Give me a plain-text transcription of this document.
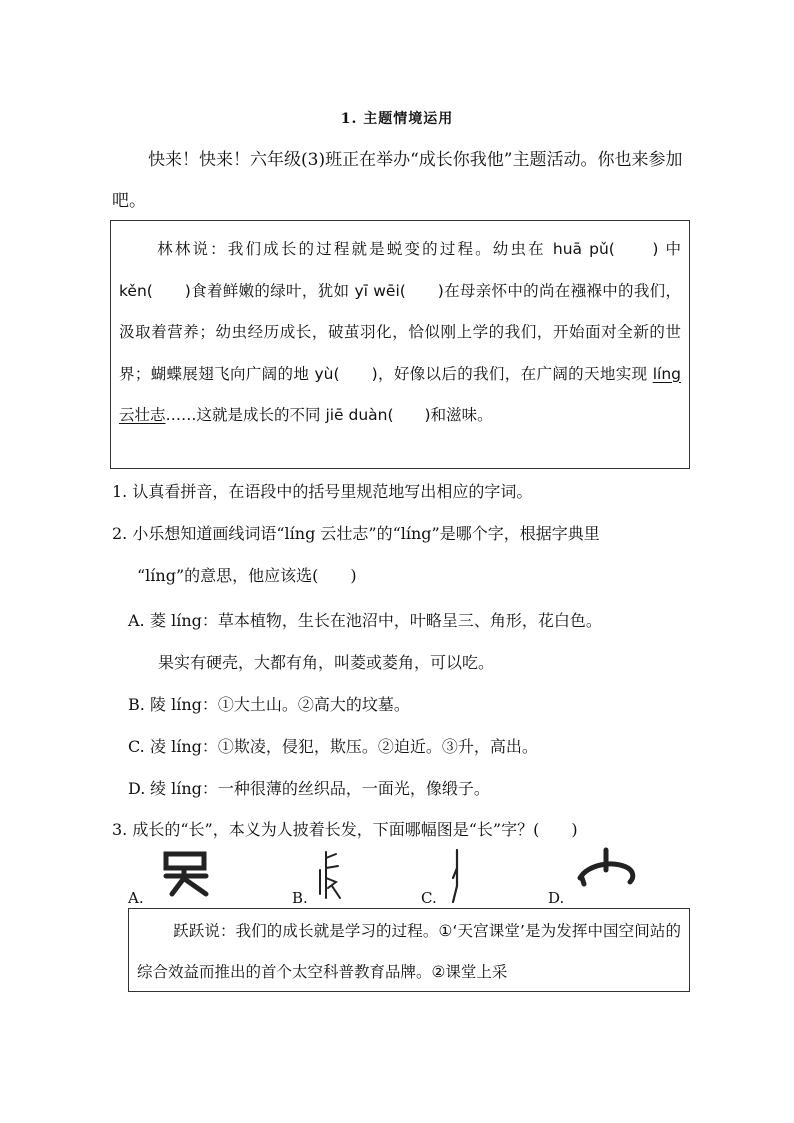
1. 主题情境运用
快来！快来！六年级(3)班正在举办“成长你我他”主题活动。你也来参加吧。
林林说：我们成长的过程就是蜕变的过程。幼虫在 huā pǔ(　　) 中 kěn(　　)食着鲜嫩的绿叶，犹如 yī wēi(　　)在母亲怀中的尚在襁褓中的我们，汲取着营养；幼虫经历成长，破茧羽化，恰似刚上学的我们，开始面对全新的世界；蝴蝶展翅飞向广阔的地 yù(　　)，好像以后的我们，在广阔的天地实现 líng 云壮志……这就是成长的不同 jiē duàn(　　)和滋味。
1. 认真看拼音，在语段中的括号里规范地写出相应的字词。
2. 小乐想知道画线词语“líng 云壮志”的“líng”是哪个字，根据字典里
“líng”的意思，他应该选(　　)
A. 菱 líng：草本植物，生长在池沼中，叶略呈三、角形，花白色。
果实有硬壳，大都有角，叫菱或菱角，可以吃。
B. 陵 líng：①大土山。②高大的坟墓。
C. 凌 líng：①欺凌，侵犯，欺压。②迫近。③升，高出。
D. 绫 líng：一种很薄的丝织品，一面光，像缎子。
3. 成长的“长”，本义为人披着长发，下面哪幅图是“长”字？(　　)
A.	B.	C.	D.
跃跃说：我们的成长就是学习的过程。①‘天宫课堂’是为发挥中国空间站的综合效益而推出的首个太空科普教育品牌。②课堂上采
